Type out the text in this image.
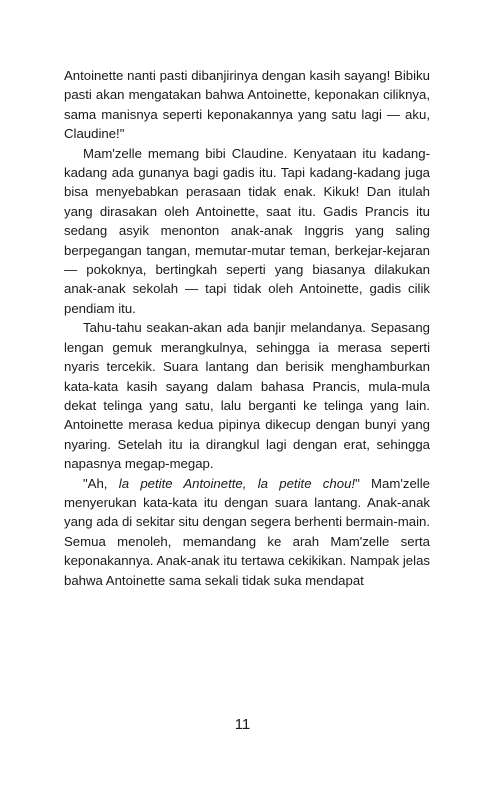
Antoinette nanti pasti dibanjirinya dengan kasih sayang! Bibiku pasti akan mengatakan bahwa Antoinette, keponakan ciliknya, sama manisnya seperti keponakannya yang satu lagi — aku, Claudine!"

Mam'zelle memang bibi Claudine. Kenyataan itu kadang-kadang ada gunanya bagi gadis itu. Tapi kadang-kadang juga bisa menyebabkan perasaan tidak enak. Kikuk! Dan itulah yang dirasakan oleh Antoinette, saat itu. Gadis Prancis itu sedang asyik menonton anak-anak Inggris yang saling berpegangan tangan, memutar-mutar teman, berkejar-kejaran — pokoknya, bertingkah seperti yang biasanya dilakukan anak-anak sekolah — tapi tidak oleh Antoinette, gadis cilik pendiam itu.

Tahu-tahu seakan-akan ada banjir melandanya. Sepasang lengan gemuk merangkulnya, sehingga ia merasa seperti nyaris tercekik. Suara lantang dan berisik menghamburkan kata-kata kasih sayang dalam bahasa Prancis, mula-mula dekat telinga yang satu, lalu berganti ke telinga yang lain. Antoinette merasa kedua pipinya dikecup dengan bunyi yang nyaring. Setelah itu ia dirangkul lagi dengan erat, sehingga napasnya megap-megap.

"Ah, la petite Antoinette, la petite chou!" Mam'zelle menyerukan kata-kata itu dengan suara lantang. Anak-anak yang ada di sekitar situ dengan segera berhenti bermain-main. Semua menoleh, memandang ke arah Mam'zelle serta keponakannya. Anak-anak itu tertawa cekikikan. Nampak jelas bahwa Antoinette sama sekali tidak suka mendapat

11
